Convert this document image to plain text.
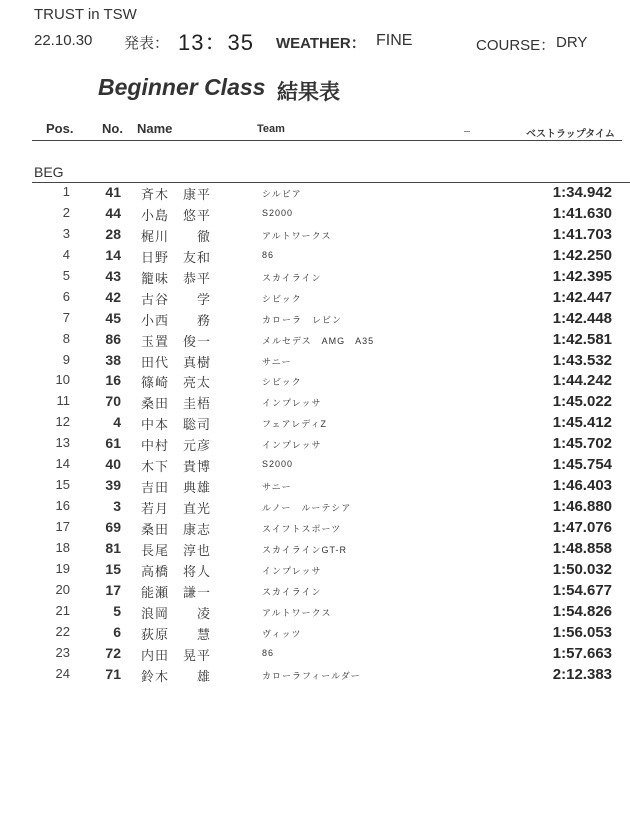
TRUST in TSW
22.10.30 発表： 13：35 WEATHER： FINE	COURSE： DRY
Beginner Class 結果表
Pos. No. Name	Team	ベストラップタイム
BEG
1	41 斉木　康平	シルビア	1:34.942
2	44 小島　悠平	S2000	1:41.630
3	28 梶川　　徹	アルトワークス	1:41.703
4	14 日野　友和	86	1:42.250
5	43 籠味　恭平	スカイライン	1:42.395
6	42 古谷　　学	シビック	1:42.447
7	45 小西　　務	カローラ　レビン	1:42.448
8	86 玉置　俊一	メルセデス　AMG　A35	1:42.581
9	38 田代　真樹	サニー	1:43.532
10	16 篠崎　亮太	シビック	1:44.242
11	70 桑田　圭梧	インプレッサ	1:45.022
12	4 中本　聡司	フェアレディZ	1:45.412
13	61 中村　元彦	インプレッサ	1:45.702
14	40 木下　貴博	S2000	1:45.754
15	39 吉田　典雄	サニー	1:46.403
16	3 若月　直光	ルノー　ルーテシア	1:46.880
17	69 桑田　康志	スイフトスポーツ	1:47.076
18	81 長尾　淳也	スカイラインGT-R	1:48.858
19	15 高橋　将人	インプレッサ	1:50.032
20	17 能瀬　謙一	スカイライン	1:54.677
21	5 浪岡　　凌	アルトワークス	1:54.826
22	6 荻原　　慧	ヴィッツ	1:56.053
23	72 内田　晃平	86	1:57.663
24	71 鈴木　　雄	カローラフィールダー	2:12.383
